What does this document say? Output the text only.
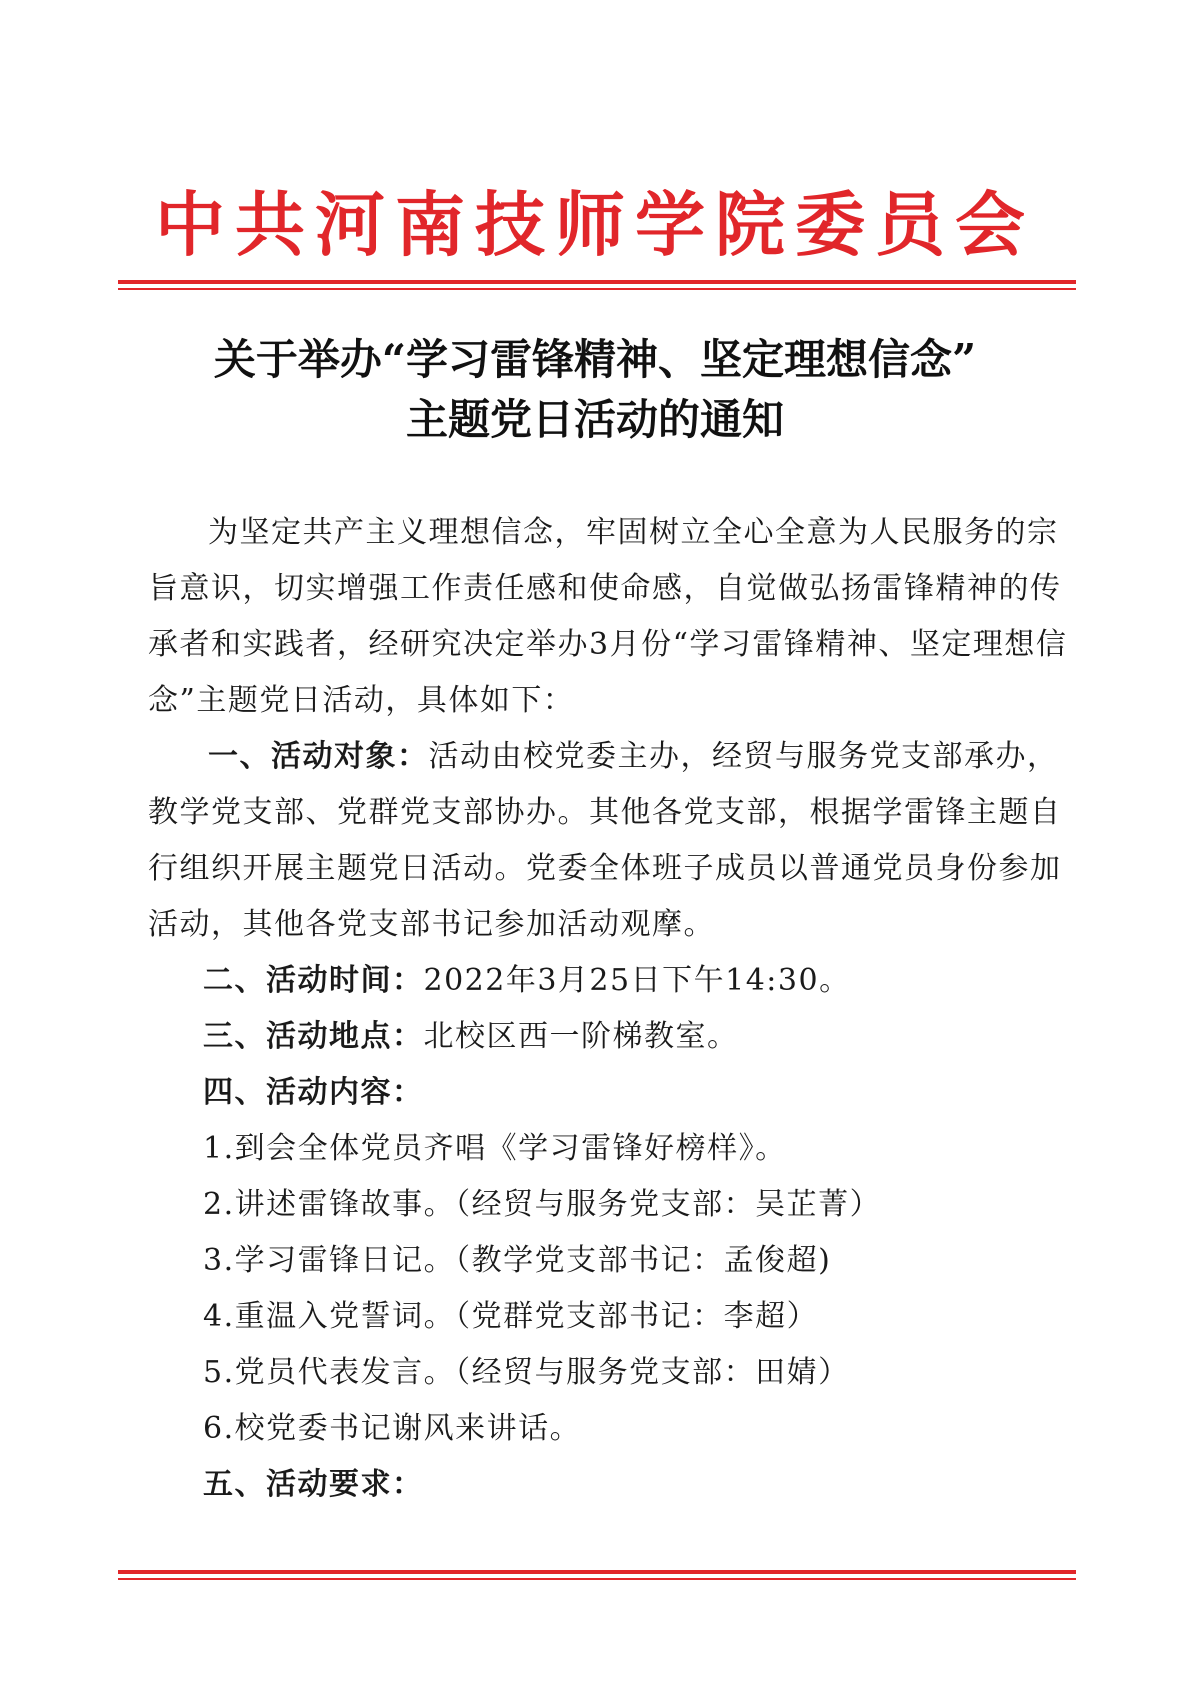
中共河南技师学院委员会
关于举办“学习雷锋精神、坚定理想信念”
主题党日活动的通知

为坚定共产主义理想信念，牢固树立全心全意为人民服务的宗旨意识，切实增强工作责任感和使命感，自觉做弘扬雷锋精神的传承者和实践者，经研究决定举办3月份“学习雷锋精神、坚定理想信念”主题党日活动，具体如下：

一、活动对象：活动由校党委主办，经贸与服务党支部承办，教学党支部、党群党支部协办。其他各党支部，根据学雷锋主题自行组织开展主题党日活动。党委全体班子成员以普通党员身份参加活动，其他各党支部书记参加活动观摩。

二、活动时间：2022年3月25日下午14:30。

三、活动地点：北校区西一阶梯教室。

四、活动内容：

1.到会全体党员齐唱《学习雷锋好榜样》。

2.讲述雷锋故事。（经贸与服务党支部：吴芷菁）

3.学习雷锋日记。（教学党支部书记：孟俊超)

4.重温入党誓词。（党群党支部书记：李超）

5.党员代表发言。（经贸与服务党支部：田婧）

6.校党委书记谢风来讲话。

五、活动要求：
